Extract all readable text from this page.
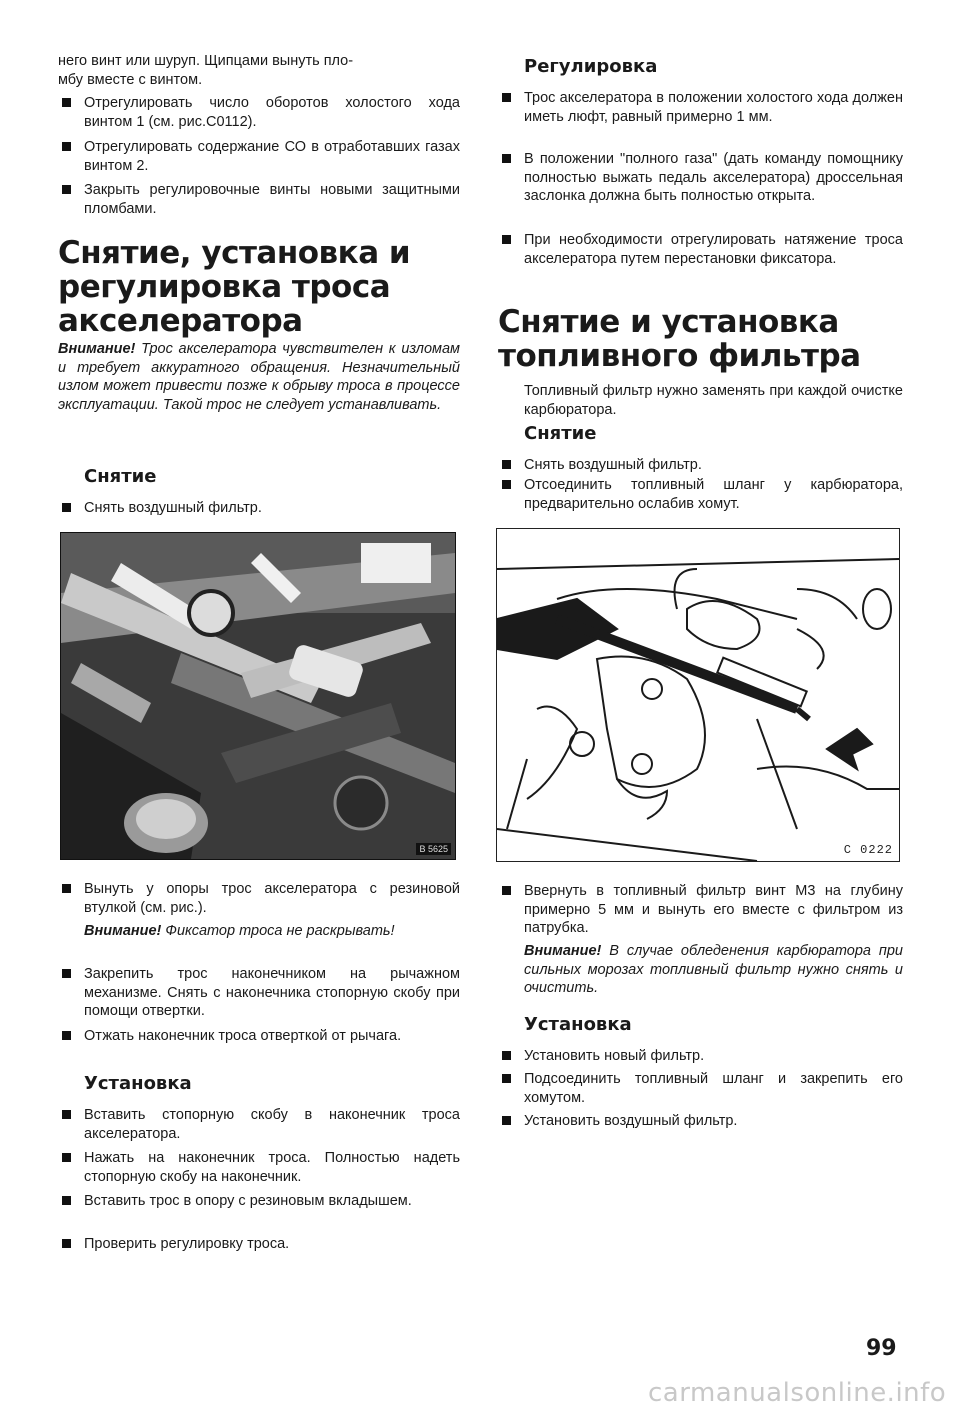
него винт или шуруп. Щипцами вынуть пло-

мбу вместе с винтом.

Отрегулировать число оборотов холостого хода винтом 1 (см. рис.С0112).
Отрегулировать содержание СО в отработавших газах винтом 2.
Закрыть регулировочные винты новыми защитными пломбами.
Снятие, установка и регулировка троса акселератора

Внимание! Трос акселератора чувствителен к изломам и требует аккуратного обращения. Незначительный излом может привести позже к обрыву троса в процессе эксплуатации. Такой трос не следует устанавливать.

Снятие
Снять воздушный фильтр.
B 5625
Вынуть у опоры трос акселератора с резиновой втулкой (см. рис.).

Внимание! Фиксатор троса не раскрывать!

Закрепить трос наконечником на рычажном механизме. Снять с наконечника стопорную скобу при помощи отвертки.
Отжать наконечник троса отверткой от рычага.
Установка
Вставить стопорную скобу в наконечник троса акселератора.
Нажать на наконечник троса. Полностью надеть стопорную скобу на наконечник.
Вставить трос в опору с резиновым вкладышем.
Проверить регулировку троса.
Регулировка
Трос акселератора в положении холостого хода должен иметь люфт, равный примерно 1 мм.
В положении "полного газа" (дать команду помощнику полностью выжать педаль акселератора) дроссельная заслонка должна быть полностью открыта.
При необходимости отрегулировать натяжение троса акселератора путем перестановки фиксатора.
Снятие и установка топливного фильтра

Топливный фильтр нужно заменять при каждой очистке карбюратора.

Снятие
Снять воздушный фильтр.
Отсоединить топливный шланг у карбюратора, предварительно ослабив хомут.
С 0222
Ввернуть в топливный фильтр винт М3 на глубину примерно 5 мм и вынуть его вместе с фильтром из патрубка.

Внимание! В случае обледенения карбюратора при сильных морозах топливный фильтр нужно снять и очистить.

Установка
Установить новый фильтр.
Подсоединить топливный шланг и закрепить его хомутом.
Установить воздушный фильтр.
99
carmanualsonline.info
